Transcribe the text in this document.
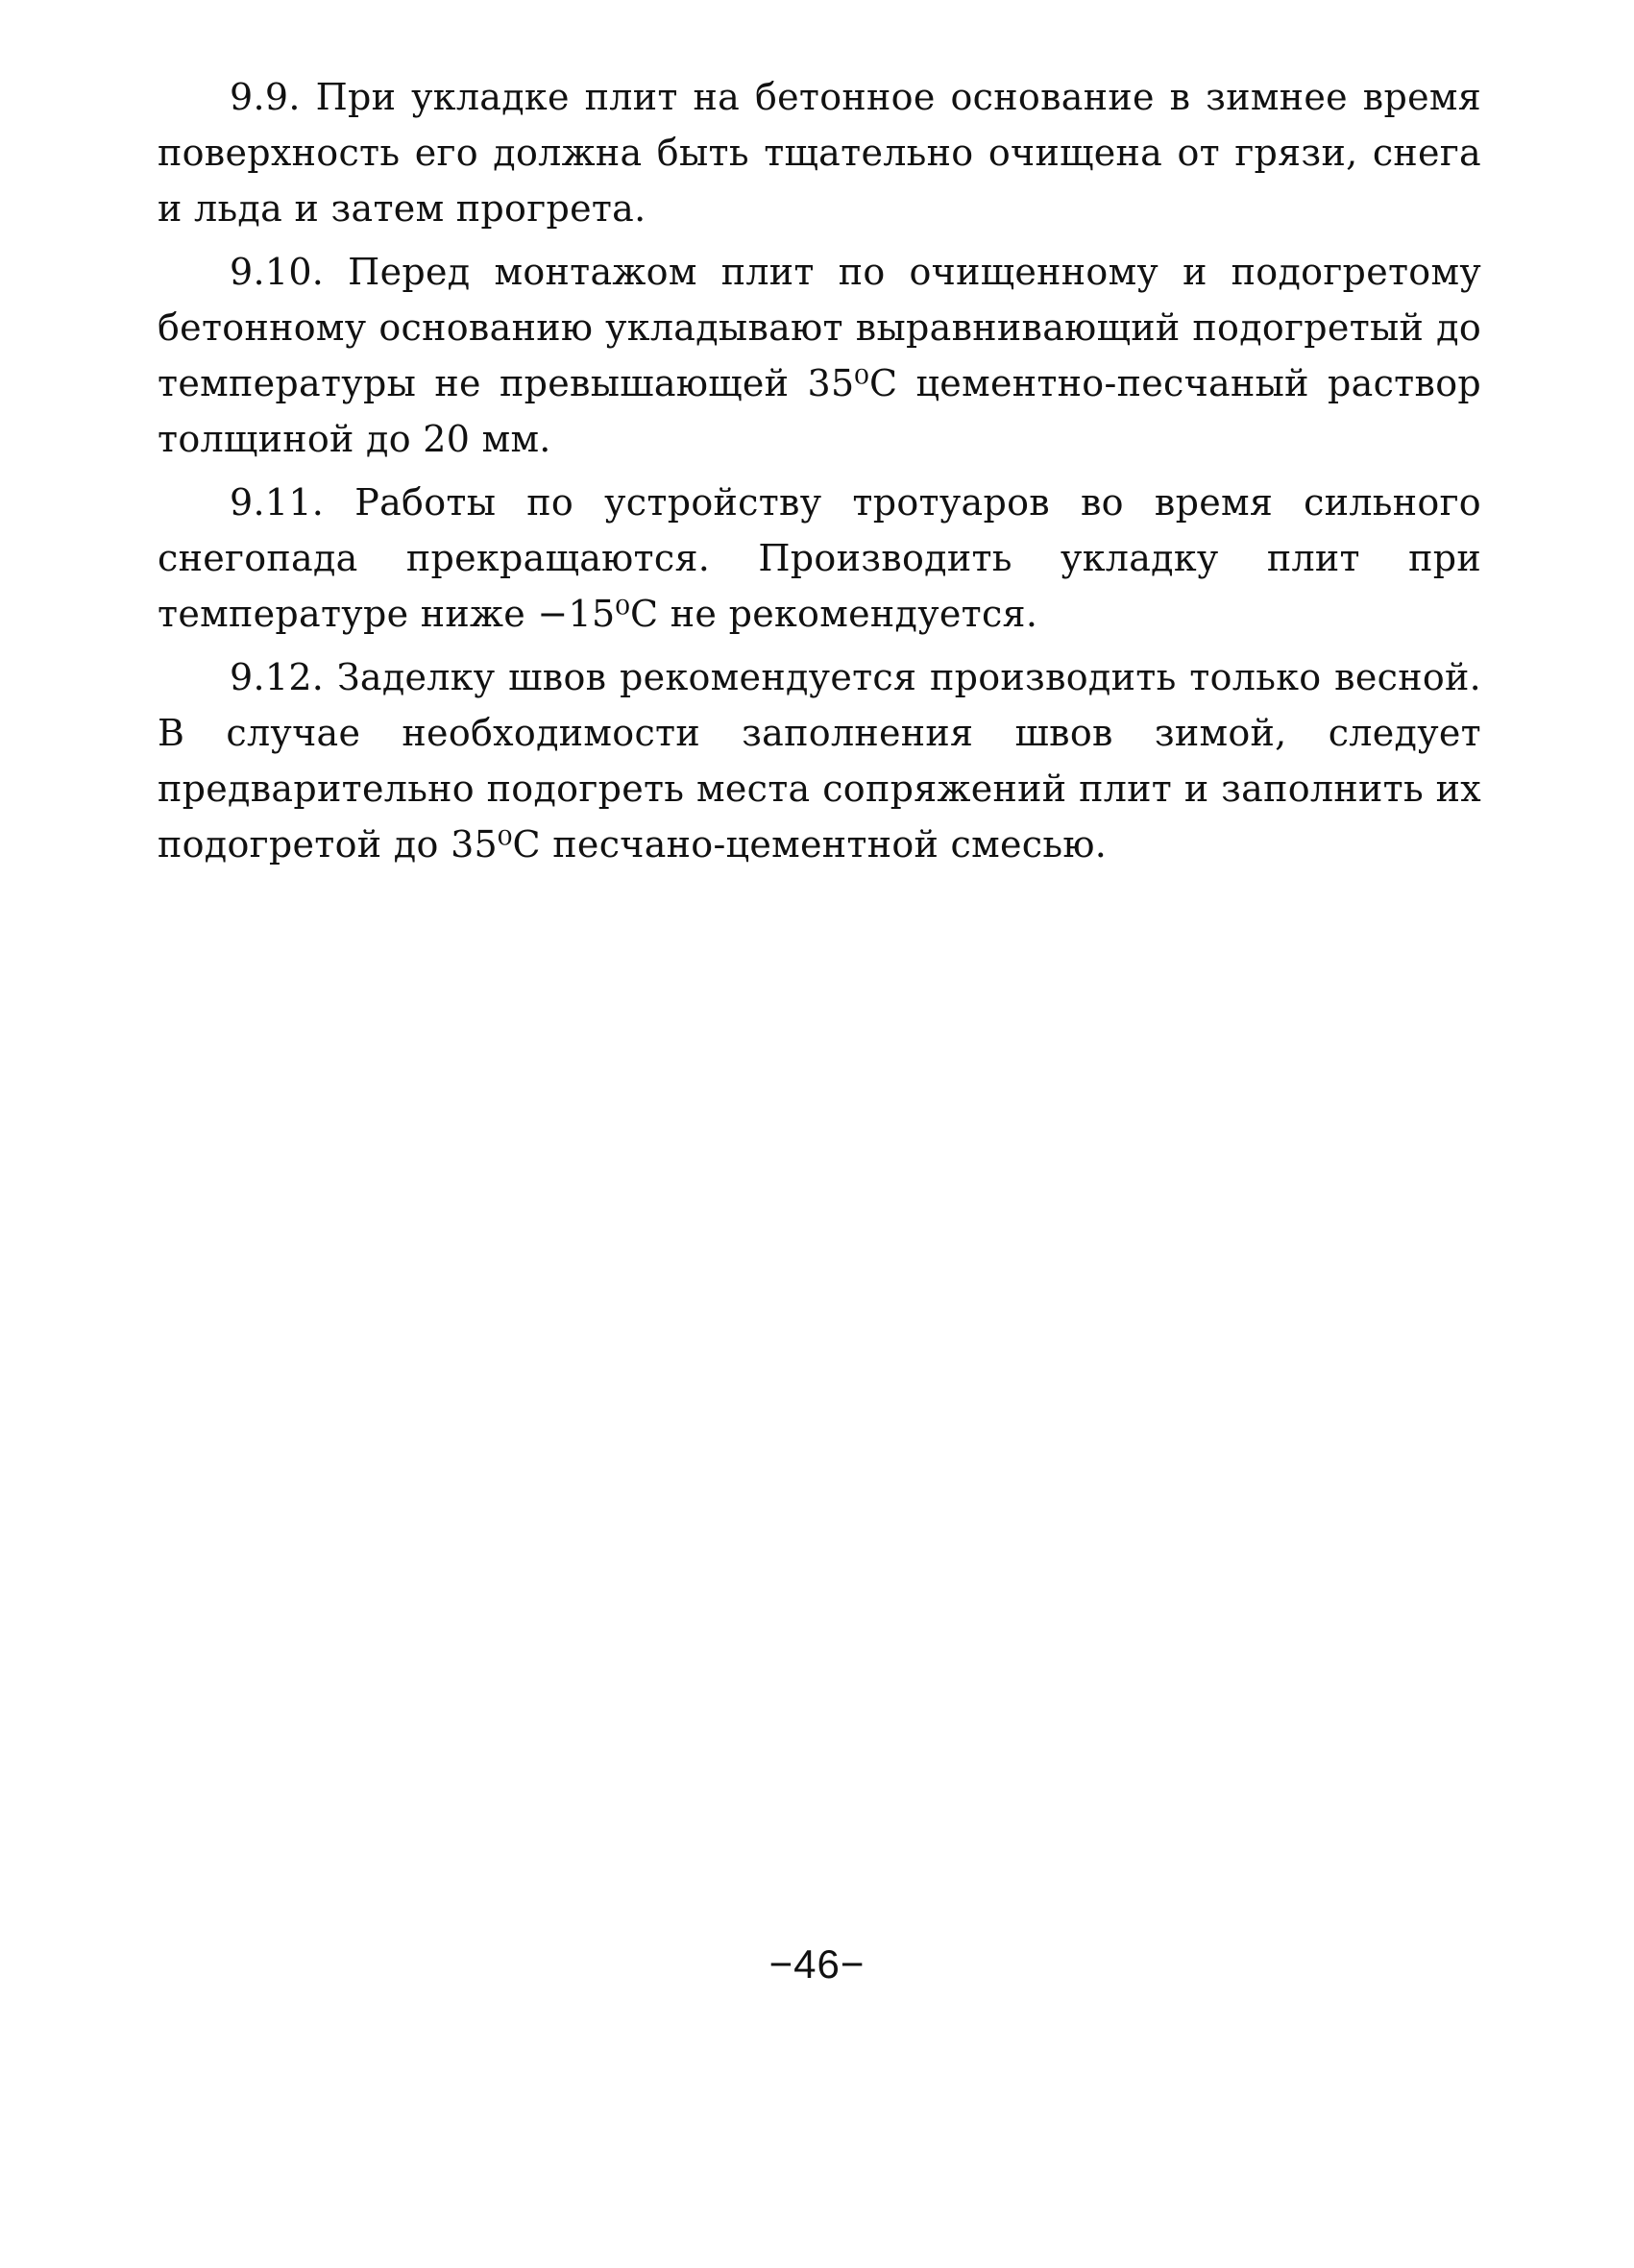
9.9. При укладке плит на бетонное основание в зимнее время поверхность его должна быть тщательно очищена от грязи, снега и льда и затем прогрета.

9.10. Перед монтажом плит по очищенному и подогретому бетонному основанию укладывают выравнивающий подогретый до температуры не превышающей 35⁰С цементно-песчаный раствор толщиной до 20 мм.

9.11. Работы по устройству тротуаров во время сильного снегопада прекращаются. Производить укладку плит при температуре ниже −15⁰С не рекомендуется.

9.12. Заделку швов рекомендуется производить только весной. В случае необходимости заполнения швов зимой, следует предварительно подогреть места сопряжений плит и заполнить их подогретой до 35⁰С песчано-цементной смесью.

−46−
